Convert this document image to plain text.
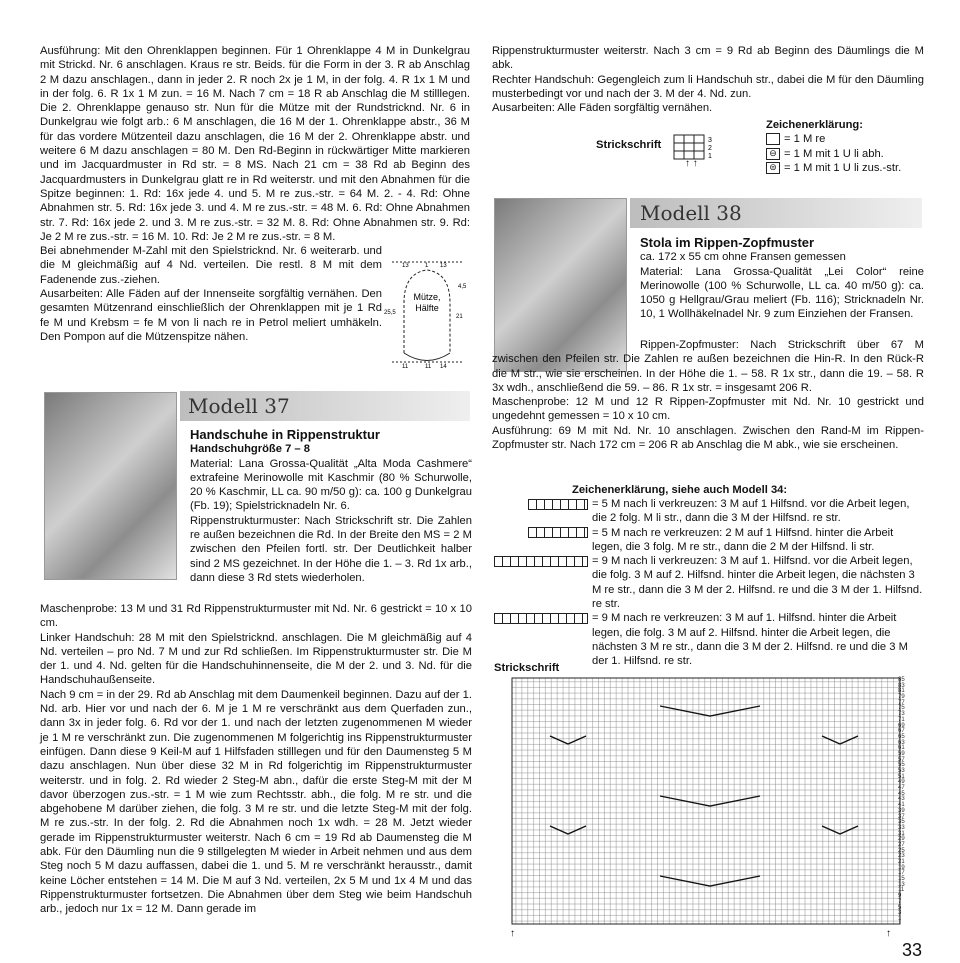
Ausführung: Mit den Ohrenklappen beginnen. Für 1 Ohrenklappe 4 M in Dunkelgrau mit Strickd. Nr. 6 anschlagen. Kraus re str. Beids. für die Form in der 3. R ab Anschlag 2 M dazu anschlagen., dann in jeder 2. R noch 2x je 1 M, in der folg. 4. R 1x 1 M und in der folg. 6. R 1x 1 M zun. = 16 M. Nach 7 cm = 18 R ab Anschlag die M stilllegen. Die 2. Ohrenklappe genauso str. Nun für die Mütze mit der Rundstricknd. Nr. 6 in Dunkelgrau wie folgt arb.: 6 M anschlagen, die 16 M der 1. Ohrenklappe abstr., 36 M für das vordere Mützenteil dazu anschlagen, die 16 M der 2. Ohrenklappe abstr. und weitere 6 M dazu anschlagen = 80 M. Den Rd-Beginn in rückwärtiger Mitte markieren und im Jacquardmuster in Rd str. = 8 MS. Nach 21 cm = 38 Rd ab Beginn des Jacquardmusters in Dunkelgrau glatt re in Rd weiterstr. und mit den Abnahmen für die Spitze beginnen: 1. Rd: 16x jede 4. und 5. M re zus.-str. = 64 M. 2. - 4. Rd: Ohne Abnahmen str. 5. Rd: 16x jede 3. und 4. M re zus.-str. = 48 M. 6. Rd: Ohne Abnahmen str. 7. Rd: 16x jede 2. und 3. M re zus.-str. = 32 M. 8. Rd: Ohne Abnahmen str. 9. Rd: Je 2 M re zus.-str. = 16 M. 10. Rd: Je 2 M re zus.-str. = 8 M.

Bei abnehmender M-Zahl mit den Spielstricknd. Nr. 6 weiterarb. und die M gleichmäßig auf 4 Nd. verteilen. Die restl. 8 M mit dem Fadenende zus.-ziehen.

Ausarbeiten: Alle Fäden auf der Innenseite sorgfältig vernähen. Den gesamten Mützenrand einschließlich der Ohrenklappen mit je 1 Rd fe M und Krebsm = fe M von li nach re in Petrol meliert umhäkeln. Den Pompon auf die Mützenspitze nähen.

Mütze,
Hälfte
13	1 13
4,5
25,5
21
11	11 14
Modell 37

Handschuhe in Rippenstruktur

Handschuhgröße 7 – 8

Material: Lana Grossa-Qualität „Alta Moda Cashmere“ extrafeine Merinowolle mit Kaschmir (80 % Schurwolle, 20 % Kaschmir, LL ca. 90 m/50 g): ca. 100 g Dunkelgrau (Fb. 19); Spielstricknadeln Nr. 6.

Rippenstrukturmuster: Nach Strickschrift str. Die Zahlen re außen bezeichnen die Rd. In der Breite den MS = 2 M zwischen den Pfeilen fortl. str. Der Deutlichkeit halber sind 2 MS gezeichnet. In der Höhe die 1. – 3. Rd 1x arb., dann diese 3 Rd stets wiederholen.

Maschenprobe: 13 M und 31 Rd Rippenstrukturmuster mit Nd. Nr. 6 gestrickt = 10 x 10 cm.

Linker Handschuh: 28 M mit den Spielstricknd. anschlagen. Die M gleichmäßig auf 4 Nd. verteilen – pro Nd. 7 M und zur Rd schließen. Im Rippenstrukturmuster str. Die M der 1. und 4. Nd. gelten für die Handschuhinnenseite, die M der 2. und 3. Nd. für die Handschuhaußenseite.

Nach 9 cm = in der 29. Rd ab Anschlag mit dem Daumenkeil beginnen. Dazu auf der 1. Nd. arb. Hier vor und nach der 6. M je 1 M re verschränkt aus dem Querfaden zun., dann 3x in jeder folg. 6. Rd vor der 1. und nach der letzten zugenommenen M wieder je 1 M re verschränkt zun. Die zugenommenen M folgerichtig ins Rippenstrukturmuster einfügen. Dann diese 9 Keil-M auf 1 Hilfsfaden stilllegen und für den Daumensteg 5 M dazu anschlagen. Nun über diese 32 M in Rd folgerichtig im Rippenstrukturmuster weiterstr. und in folg. 2. Rd wieder 2 Steg-M abn., dafür die erste Steg-M mit der M davor überzogen zus.-str. = 1 M wie zum Rechtsstr. abh., die folg. M re str. und die abgehobene M darüber ziehen, die folg. 3 M re str. und die letzte Steg-M mit der folg. M re zus.-str. In der folg. 2. Rd die Abnahmen noch 1x wdh. = 28 M. Jetzt wieder gerade im Rippenstrukturmuster weiterstr. Nach 6 cm = 19 Rd ab Daumensteg die M abk. Für den Däumling nun die 9 stillgelegten M wieder in Arbeit nehmen und aus dem Steg noch 5 M dazu auffassen, dabei die 1. und 5. M re verschränkt herausstr., damit keine Löcher entstehen = 14 M. Die M auf 3 Nd. verteilen, 2x 5 M und 1x 4 M und das Rippenstrukturmuster fortsetzen. Die Abnahmen über dem Steg wie beim Handschuh arb., jedoch nur 1x = 12 M. Dann gerade im

Rippenstrukturmuster weiterstr. Nach 3 cm = 9 Rd ab Beginn des Däumlings die M abk.

Rechter Handschuh: Gegengleich zum li Handschuh str., dabei die M für den Däumling musterbedingt vor und nach der 3. M der 4. Nd. zun.

Ausarbeiten: Alle Fäden sorgfältig vernähen.

Strickschrift	3
2
1
↑ ↑

Zeichenerklärung:

= 1 M re

⊖ = 1 M mit 1 U li abh.

⊜ = 1 M mit 1 U li zus.-str.

Modell 38

Stola im Rippen-Zopfmuster

ca. 172 x 55 cm ohne Fransen gemessen

Material: Lana Grossa-Qualität „Lei Color“ reine Merinowolle (100 % Schurwolle, LL ca. 40 m/50 g): ca. 1050 g Hellgrau/Grau meliert (Fb. 116); Stricknadeln Nr. 10, 1 Wollhäkelnadel Nr. 9 zum Einziehen der Fransen.

Rippen-Zopfmuster: Nach Strickschrift über 67 M zwischen den Pfeilen str. Die Zahlen re außen bezeichnen die Hin-R. In den Rück-R die M str., wie sie erscheinen. In der Höhe die 1. – 58. R 1x str., dann die 19. – 58. R 3x wdh., anschließend die 59. – 86. R 1x str. = insgesamt 206 R.

Maschenprobe: 12 M und 12 R Rippen-Zopfmuster mit Nd. Nr. 10 gestrickt und ungedehnt gemessen = 10 x 10 cm.

Ausführung: 69 M mit Nd. Nr. 10 anschlagen. Zwischen den Rand-M im Rippen-Zopfmuster str. Nach 172 cm = 206 R ab Anschlag die M abk., wie sie erscheinen.

Zeichenerklärung, siehe auch Modell 34:
= 5 M nach li verkreuzen: 3 M auf 1 Hilfsnd. vor die Arbeit legen, die 2 folg. M li str., dann die 3 M der Hilfsnd. re str.
= 5 M nach re verkreuzen: 2 M auf 1 Hilfsnd. hinter die Arbeit legen, die 3 folg. M re str., dann die 2 M der Hilfsnd. li str.
= 9 M nach li verkreuzen: 3 M auf 1. Hilfsnd. vor die Arbeit legen, die folg. 3 M auf 2. Hilfsnd. hinter die Arbeit legen, die nächsten 3 M re str., dann die 3 M der 2. Hilfsnd. re und die 3 M der 1. Hilfsnd. re str.
= 9 M nach re verkreuzen: 3 M auf 1. Hilfsnd. hinter die Arbeit legen, die folg. 3 M auf 2. Hilfsnd. hinter die Arbeit legen, die nächsten 3 M re str., dann die 3 M der 2. Hilfsnd. re und die 3 M der 1. Hilfsnd. re str.
Strickschrift
↑	↑
85
83
81
79
77
75
73
71
69
67
65
63
61
59
57
55
53
51
49
47
45
43
41
39
37
35
33
31
29
27
25
23
21
19
17
15
13
11
9
7
5
3
1
33
